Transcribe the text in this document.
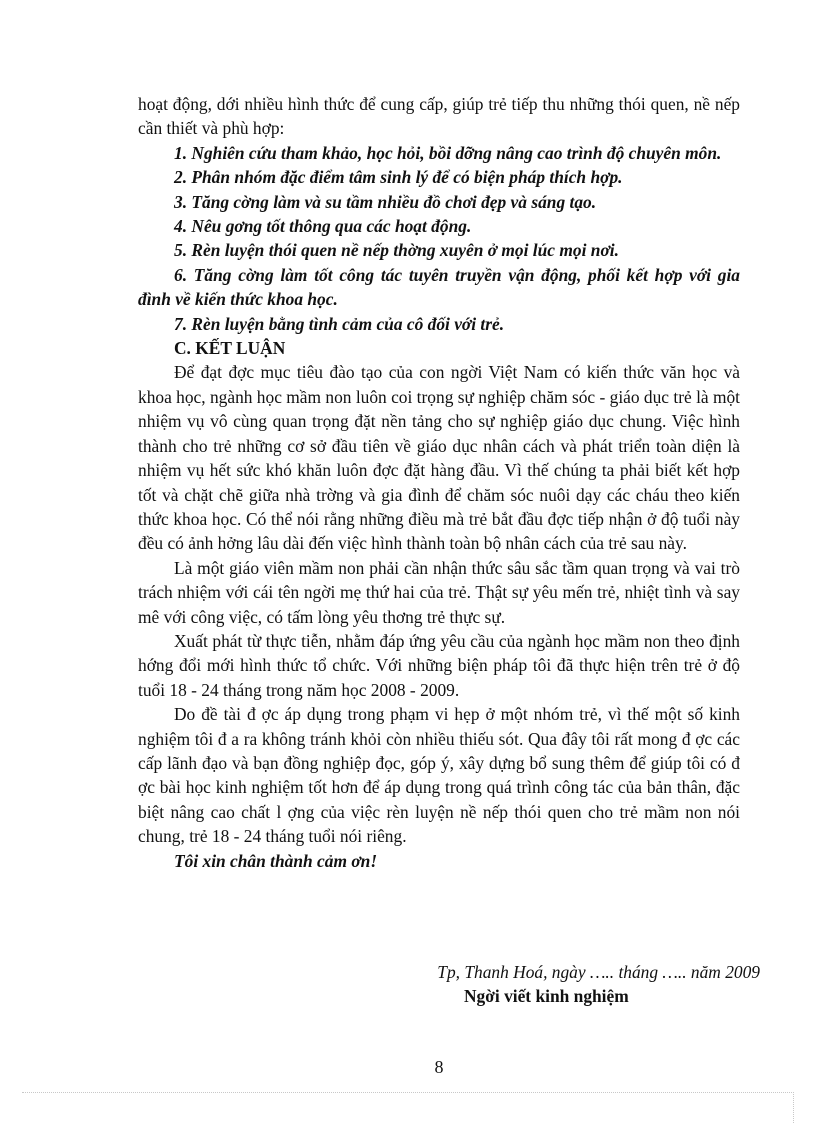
hoạt động, dới nhiều hình thức để cung cấp, giúp trẻ tiếp thu những thói quen, nề nếp cần thiết và phù hợp:

1. Nghiên cứu tham khảo, học hỏi, bồi dỡng nâng cao trình độ chuyên môn.

2. Phân nhóm đặc điểm tâm sinh lý để có biện pháp thích hợp.

3. Tăng cờng làm và su tầm nhiều đồ chơi đẹp và sáng tạo.

4. Nêu gơng tốt thông qua các hoạt động.

5. Rèn luyện thói quen nề nếp thờng xuyên ở mọi lúc mọi nơi.

6. Tăng cờng làm tốt công tác tuyên truyền vận động, phối kết hợp với gia đình về kiến thức khoa học.

7. Rèn luyện bằng tình cảm của cô đối với trẻ.

C. KẾT LUẬN

Để đạt đợc mục tiêu đào tạo của con ngời Việt Nam có kiến thức văn học và khoa học, ngành học mầm non luôn coi trọng sự nghiệp chăm sóc - giáo dục trẻ là một nhiệm vụ vô cùng quan trọng đặt nền tảng cho sự nghiệp giáo dục chung. Việc hình thành cho trẻ những cơ sở đầu tiên về giáo dục nhân cách và phát triển toàn diện là nhiệm vụ hết sức khó khăn luôn đợc đặt hàng đầu. Vì thế chúng ta phải biết kết hợp tốt và chặt chẽ giữa nhà trờng và gia đình để chăm sóc nuôi dạy các cháu theo kiến thức khoa học. Có thể nói rằng những điều mà trẻ bắt đầu đợc tiếp nhận ở độ tuổi này đều có ảnh hởng lâu dài đến việc hình thành toàn bộ nhân cách của trẻ sau này.

Là một giáo viên mầm non phải cần nhận thức sâu sắc tầm quan trọng và vai trò trách nhiệm với cái tên ngời mẹ thứ hai của trẻ. Thật sự yêu mến trẻ, nhiệt tình và say mê với công việc, có tấm lòng yêu thơng trẻ thực sự.

Xuất phát từ thực tiễn, nhằm đáp ứng yêu cầu của ngành học mầm non theo định hớng đổi mới hình thức tổ chức. Với những biện pháp tôi đã thực hiện trên trẻ ở độ tuổi 18 - 24 tháng trong năm học 2008 - 2009.

Do đề tài đ ợc áp dụng trong phạm vi hẹp ở một nhóm trẻ, vì thế một số kinh nghiệm tôi đ a ra không tránh khỏi còn nhiều thiếu sót. Qua đây tôi rất mong đ ợc các cấp lãnh đạo và bạn đồng nghiệp đọc, góp ý, xây dựng bổ sung thêm để giúp tôi có đ ợc bài học kinh nghiệm tốt hơn để áp dụng trong quá trình công tác của bản thân, đặc biệt nâng cao chất l ợng của việc rèn luyện nề nếp thói quen cho trẻ mầm non nói chung, trẻ 18 - 24 tháng tuổi nói riêng.

Tôi xin chân thành cảm ơn!

Tp, Thanh Hoá, ngày ….. tháng ….. năm 2009
Ngời viết kinh nghiệm
8
